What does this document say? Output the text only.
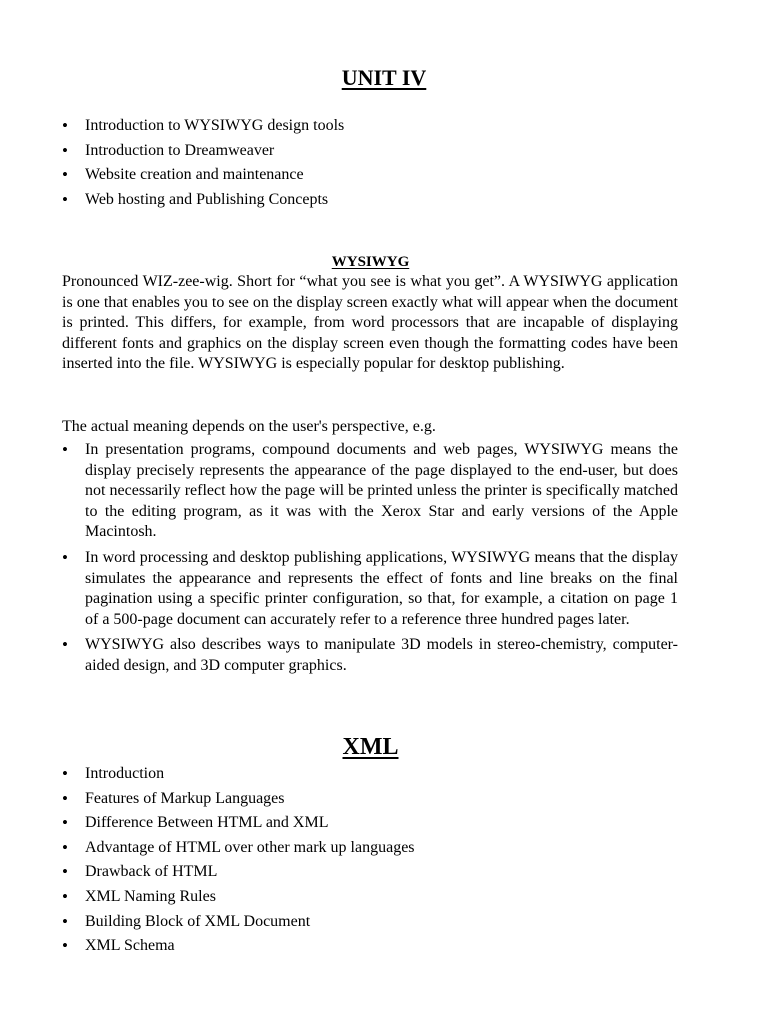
UNIT IV
• Introduction to WYSIWYG design tools
• Introduction to Dreamweaver
• Website creation and maintenance
• Web hosting and Publishing Concepts
WYSIWYG

Pronounced WIZ-zee-wig. Short for “what you see is what you get”. A WYSIWYG application is one that enables you to see on the display screen exactly what will appear when the document is printed. This differs, for example, from word processors that are incapable of displaying different fonts and graphics on the display screen even though the formatting codes have been inserted into the file. WYSIWYG is especially popular for desktop publishing.

The actual meaning depends on the user's perspective, e.g.

• In presentation programs, compound documents and web pages, WYSIWYG means the display precisely represents the appearance of the page displayed to the end-user, but does not necessarily reflect how the page will be printed unless the printer is specifically matched to the editing program, as it was with the Xerox Star and early versions of the Apple Macintosh.
• In word processing and desktop publishing applications, WYSIWYG means that the display simulates the appearance and represents the effect of fonts and line breaks on the final pagination using a specific printer configuration, so that, for example, a citation on page 1 of a 500-page document can accurately refer to a reference three hundred pages later.
• WYSIWYG also describes ways to manipulate 3D models in stereo-chemistry, computer-aided design, and 3D computer graphics.
XML
• Introduction
• Features of Markup Languages
• Difference Between HTML and XML
• Advantage of HTML over other mark up languages
• Drawback of HTML
• XML Naming Rules
• Building Block of XML Document
• XML Schema
